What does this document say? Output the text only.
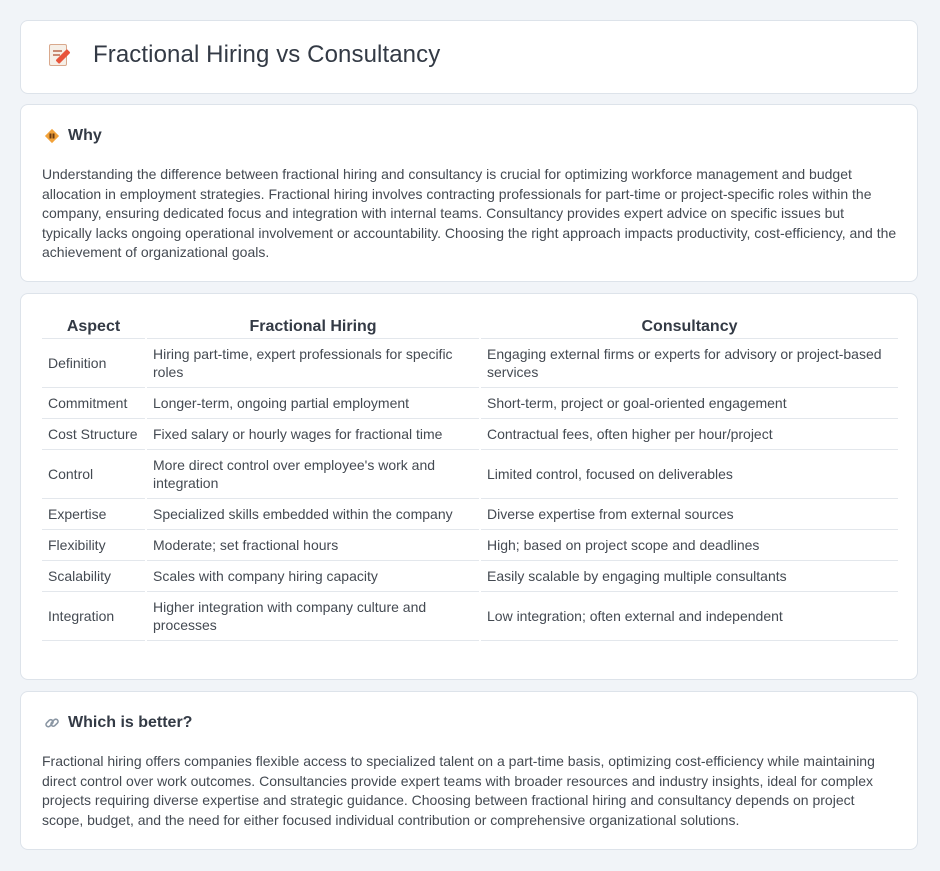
Fractional Hiring vs Consultancy
Why
Understanding the difference between fractional hiring and consultancy is crucial for optimizing workforce management and budget allocation in employment strategies. Fractional hiring involves contracting professionals for part-time or project-specific roles within the company, ensuring dedicated focus and integration with internal teams. Consultancy provides expert advice on specific issues but typically lacks ongoing operational involvement or accountability. Choosing the right approach impacts productivity, cost-efficiency, and the achievement of organizational goals.
Aspect	Fractional Hiring	Consultancy
Definition	Hiring part-time, expert professionals for specific roles	Engaging external firms or experts for advisory or project-based services
Commitment	Longer-term, ongoing partial employment	Short-term, project or goal-oriented engagement
Cost Structure	Fixed salary or hourly wages for fractional time	Contractual fees, often higher per hour/project
Control	More direct control over employee's work and integration	Limited control, focused on deliverables
Expertise	Specialized skills embedded within the company	Diverse expertise from external sources
Flexibility	Moderate; set fractional hours	High; based on project scope and deadlines
Scalability	Scales with company hiring capacity	Easily scalable by engaging multiple consultants
Integration	Higher integration with company culture and processes	Low integration; often external and independent
Which is better?
Fractional hiring offers companies flexible access to specialized talent on a part-time basis, optimizing cost-efficiency while maintaining direct control over work outcomes. Consultancies provide expert teams with broader resources and industry insights, ideal for complex projects requiring diverse expertise and strategic guidance. Choosing between fractional hiring and consultancy depends on project scope, budget, and the need for either focused individual contribution or comprehensive organizational solutions.
